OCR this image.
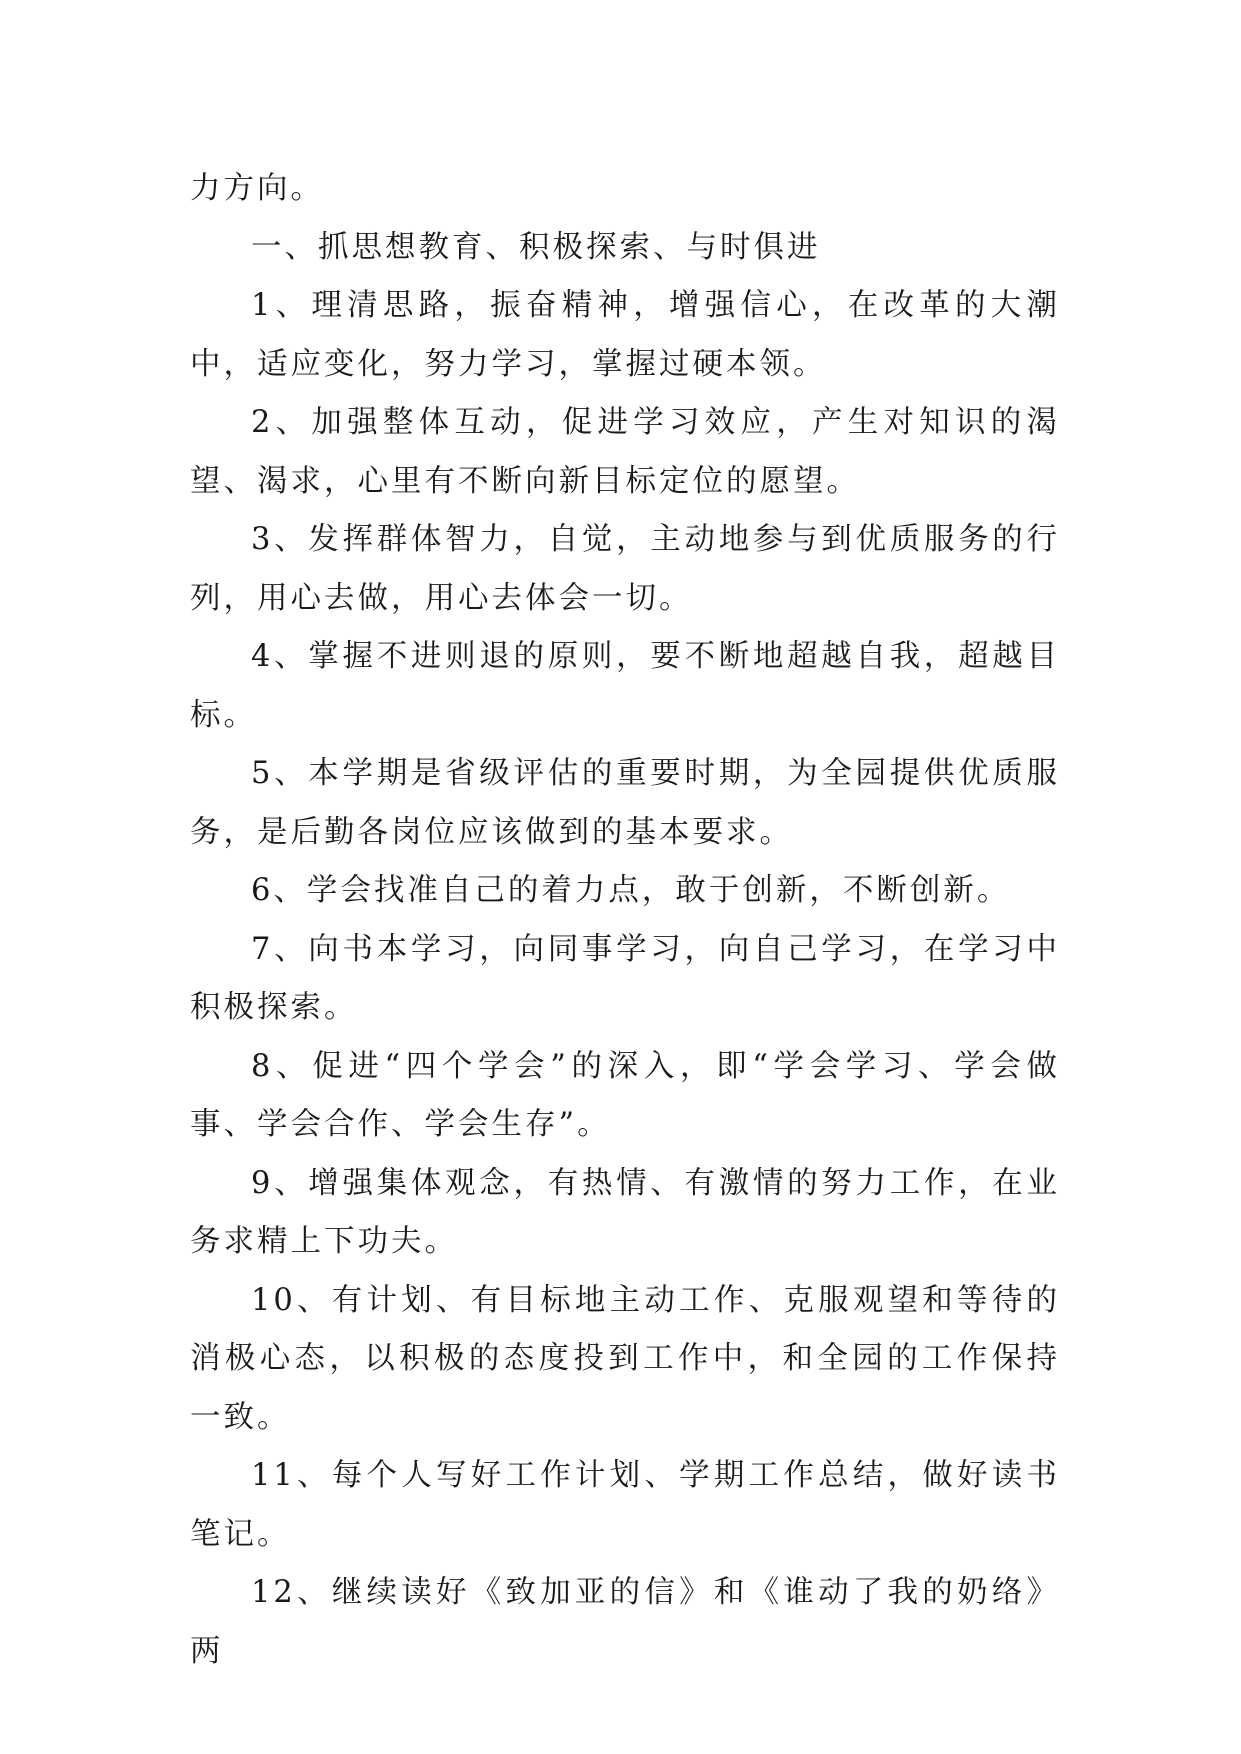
力方向。

一、抓思想教育、积极探索、与时俱进

1、理清思路，振奋精神，增强信心，在改革的大潮中，适应变化，努力学习，掌握过硬本领。

2、加强整体互动，促进学习效应，产生对知识的渴望、渴求，心里有不断向新目标定位的愿望。

3、发挥群体智力，自觉，主动地参与到优质服务的行列，用心去做，用心去体会一切。

4、掌握不进则退的原则，要不断地超越自我，超越目标。

5、本学期是省级评估的重要时期，为全园提供优质服务，是后勤各岗位应该做到的基本要求。

6、学会找准自己的着力点，敢于创新，不断创新。

7、向书本学习，向同事学习，向自己学习，在学习中积极探索。

8、促进“四个学会”的深入，即“学会学习、学会做事、学会合作、学会生存”。

9、增强集体观念，有热情、有激情的努力工作，在业务求精上下功夫。

10、有计划、有目标地主动工作、克服观望和等待的消极心态，以积极的态度投到工作中，和全园的工作保持一致。

11、每个人写好工作计划、学期工作总结，做好读书笔记。

12、继续读好《致加亚的信》和《谁动了我的奶络》两
